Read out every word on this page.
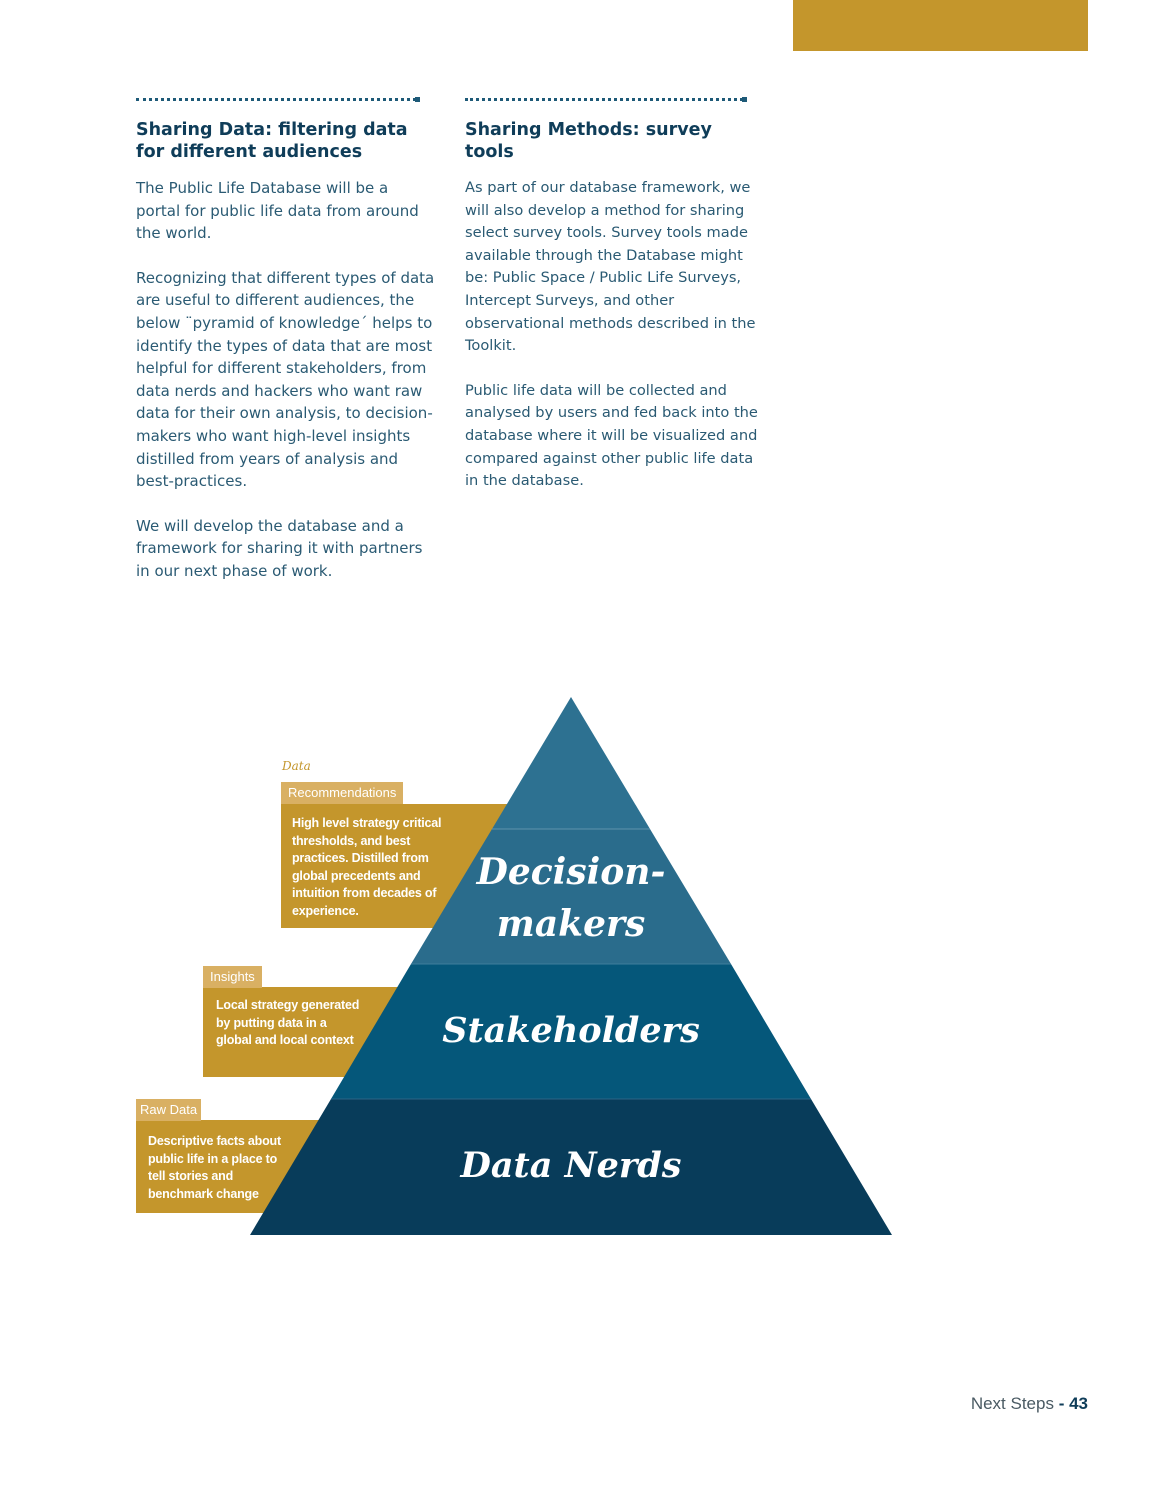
Sharing Data: filtering data for different audiences

The Public Life Database will be a portal for public life data from around the world.

Recognizing that different types of data are useful to different audiences, the below ¨pyramid of knowledge´ helps to identify the types of data that are most helpful for different stakeholders, from data nerds and hackers who want raw data for their own analysis, to decision-makers who want high-level insights distilled from years of analysis and best-practices.

We will develop the database and a framework for sharing it with partners in our next phase of work.

Sharing Methods: survey tools

As part of our database framework, we will also develop a method for sharing select survey tools. Survey tools made available through the Database might be: Public Space / Public Life Surveys, Intercept Surveys, and other observational methods described in the Toolkit.

Public life data will be collected and analysed by users and fed back into the database where it will be visualized and compared against other public life data in the database.

Decision-
makers
Stakeholders
Data Nerds
Data
Recommendations
High level strategy critical thresholds, and best practices. Distilled from global precedents and intuition from decades of experience.
Insights
Local strategy generated by putting data in a global and local context
Raw Data
Descriptive facts about public life in a place to tell stories and benchmark change
Next Steps - 43
